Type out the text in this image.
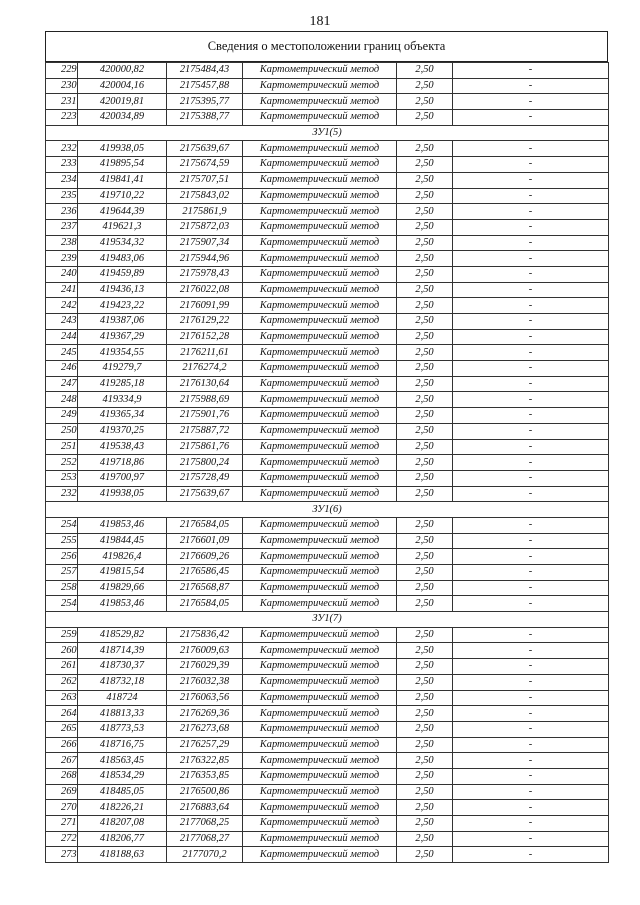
181
Сведения о местоположении границ объекта
229	420000,82	2175484,43	Картометрический метод	2,50	-
230	420004,16	2175457,88	Картометрический метод	2,50	-
231	420019,81	2175395,77	Картометрический метод	2,50	-
223	420034,89	2175388,77	Картометрический метод	2,50	-
ЗУ1(5)					
232	419938,05	2175639,67	Картометрический метод	2,50	-
233	419895,54	2175674,59	Картометрический метод	2,50	-
234	419841,41	2175707,51	Картометрический метод	2,50	-
235	419710,22	2175843,02	Картометрический метод	2,50	-
236	419644,39	2175861,9	Картометрический метод	2,50	-
237	419621,3	2175872,03	Картометрический метод	2,50	-
238	419534,32	2175907,34	Картометрический метод	2,50	-
239	419483,06	2175944,96	Картометрический метод	2,50	-
240	419459,89	2175978,43	Картометрический метод	2,50	-
241	419436,13	2176022,08	Картометрический метод	2,50	-
242	419423,22	2176091,99	Картометрический метод	2,50	-
243	419387,06	2176129,22	Картометрический метод	2,50	-
244	419367,29	2176152,28	Картометрический метод	2,50	-
245	419354,55	2176211,61	Картометрический метод	2,50	-
246	419279,7	2176274,2	Картометрический метод	2,50	-
247	419285,18	2176130,64	Картометрический метод	2,50	-
248	419334,9	2175988,69	Картометрический метод	2,50	-
249	419365,34	2175901,76	Картометрический метод	2,50	-
250	419370,25	2175887,72	Картометрический метод	2,50	-
251	419538,43	2175861,76	Картометрический метод	2,50	-
252	419718,86	2175800,24	Картометрический метод	2,50	-
253	419700,97	2175728,49	Картометрический метод	2,50	-
232	419938,05	2175639,67	Картометрический метод	2,50	-
ЗУ1(6)					
254	419853,46	2176584,05	Картометрический метод	2,50	-
255	419844,45	2176601,09	Картометрический метод	2,50	-
256	419826,4	2176609,26	Картометрический метод	2,50	-
257	419815,54	2176586,45	Картометрический метод	2,50	-
258	419829,66	2176568,87	Картометрический метод	2,50	-
254	419853,46	2176584,05	Картометрический метод	2,50	-
ЗУ1(7)					
259	418529,82	2175836,42	Картометрический метод	2,50	-
260	418714,39	2176009,63	Картометрический метод	2,50	-
261	418730,37	2176029,39	Картометрический метод	2,50	-
262	418732,18	2176032,38	Картометрический метод	2,50	-
263	418724	2176063,56	Картометрический метод	2,50	-
264	418813,33	2176269,36	Картометрический метод	2,50	-
265	418773,53	2176273,68	Картометрический метод	2,50	-
266	418716,75	2176257,29	Картометрический метод	2,50	-
267	418563,45	2176322,85	Картометрический метод	2,50	-
268	418534,29	2176353,85	Картометрический метод	2,50	-
269	418485,05	2176500,86	Картометрический метод	2,50	-
270	418226,21	2176883,64	Картометрический метод	2,50	-
271	418207,08	2177068,25	Картометрический метод	2,50	-
272	418206,77	2177068,27	Картометрический метод	2,50	-
273	418188,63	2177070,2	Картометрический метод	2,50	-
